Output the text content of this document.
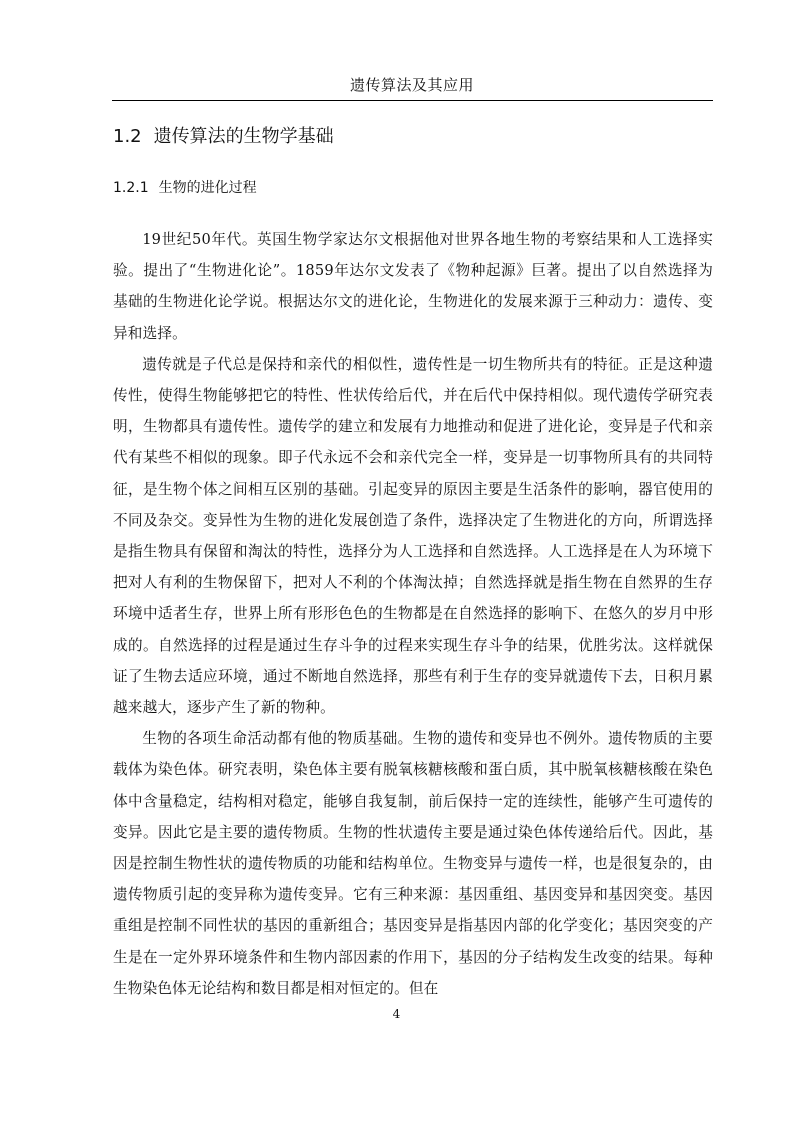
遗传算法及其应用
1.2 遗传算法的生物学基础
1.2.1 生物的进化过程

19世纪50年代。英国生物学家达尔文根据他对世界各地生物的考察结果和人工选择实验。提出了“生物进化论”。1859年达尔文发表了《物种起源》巨著。提出了以自然选择为基础的生物进化论学说。根据达尔文的进化论，生物进化的发展来源于三种动力：遗传、变异和选择。

遗传就是子代总是保持和亲代的相似性，遗传性是一切生物所共有的特征。正是这种遗传性，使得生物能够把它的特性、性状传给后代，并在后代中保持相似。现代遗传学研究表明，生物都具有遗传性。遗传学的建立和发展有力地推动和促进了进化论，变异是子代和亲代有某些不相似的现象。即子代永远不会和亲代完全一样，变异是一切事物所具有的共同特征，是生物个体之间相互区别的基础。引起变异的原因主要是生活条件的影响，器官使用的不同及杂交。变异性为生物的进化发展创造了条件，选择决定了生物进化的方向，所谓选择是指生物具有保留和淘汰的特性，选择分为人工选择和自然选择。人工选择是在人为环境下把对人有利的生物保留下，把对人不利的个体淘汰掉；自然选择就是指生物在自然界的生存环境中适者生存，世界上所有形形色色的生物都是在自然选择的影响下、在悠久的岁月中形成的。自然选择的过程是通过生存斗争的过程来实现生存斗争的结果，优胜劣汰。这样就保证了生物去适应环境，通过不断地自然选择，那些有利于生存的变异就遗传下去，日积月累越来越大，逐步产生了新的物种。

生物的各项生命活动都有他的物质基础。生物的遗传和变异也不例外。遗传物质的主要载体为染色体。研究表明，染色体主要有脱氧核糖核酸和蛋白质，其中脱氧核糖核酸在染色体中含量稳定，结构相对稳定，能够自我复制，前后保持一定的连续性，能够产生可遗传的变异。因此它是主要的遗传物质。生物的性状遗传主要是通过染色体传递给后代。因此，基因是控制生物性状的遗传物质的功能和结构单位。生物变异与遗传一样，也是很复杂的，由遗传物质引起的变异称为遗传变异。它有三种来源：基因重组、基因变异和基因突变。基因重组是控制不同性状的基因的重新组合；基因变异是指基因内部的化学变化；基因突变的产生是在一定外界环境条件和生物内部因素的作用下，基因的分子结构发生改变的结果。每种生物染色体无论结构和数目都是相对恒定的。但在

4
